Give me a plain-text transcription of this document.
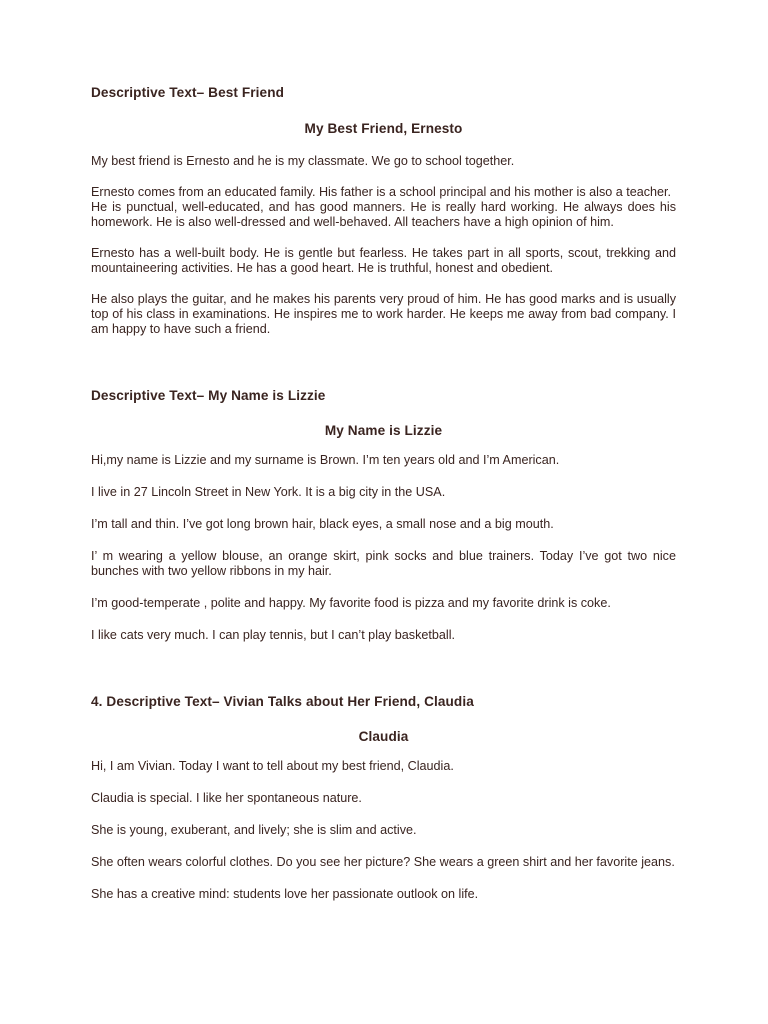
Descriptive Text– Best Friend
My Best Friend, Ernesto

My best friend is Ernesto and he is my classmate. We go to school together.

Ernesto comes from an educated family. His father is a school principal and his mother is also a teacher.
He is punctual, well-educated, and has good manners. He is really hard working. He always does his homework. He is also well-dressed and well-behaved. All teachers have a high opinion of him.

Ernesto has a well-built body. He is gentle but fearless. He takes part in all sports, scout, trekking and mountaineering activities. He has a good heart. He is truthful, honest and obedient.

He also plays the guitar, and he makes his parents very proud of him. He has good marks and is usually top of his class in examinations. He inspires me to work harder. He keeps me away from bad company. I am happy to have such a friend.

Descriptive Text– My Name is Lizzie
My Name is Lizzie

Hi,my name is Lizzie and my surname is Brown. I’m ten years old and I’m American.

I live in 27 Lincoln Street in New York. It is a big city in the USA.

I’m tall and thin. I’ve got long brown hair, black eyes, a small nose and a big mouth.

I’ m wearing a yellow blouse, an orange skirt, pink socks and blue trainers. Today I’ve got two nice bunches with two yellow ribbons in my hair.

I’m good-temperate , polite and happy. My favorite food is pizza and my favorite drink is coke.

I like cats very much. I can play tennis, but I can’t play basketball.

4. Descriptive Text– Vivian Talks about Her Friend, Claudia
Claudia

Hi, I am Vivian. Today I want to tell about my best friend, Claudia.

Claudia is special. I like her spontaneous nature.

She is young, exuberant, and lively; she is slim and active.

She often wears colorful clothes. Do you see her picture? She wears a green shirt and her favorite jeans.

She has a creative mind: students love her passionate outlook on life.
